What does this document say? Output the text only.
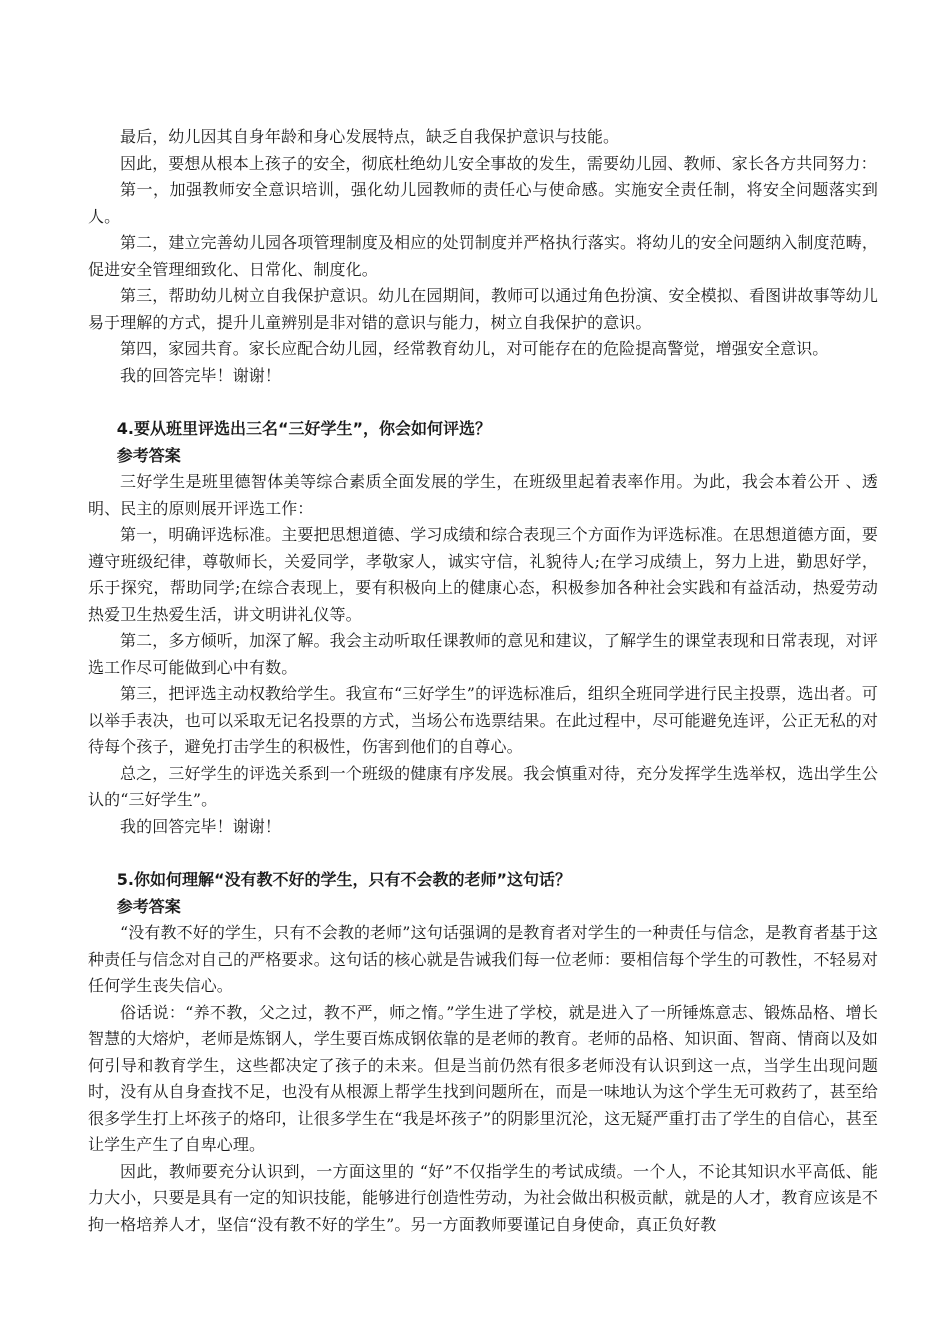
最后，幼儿因其自身年龄和身心发展特点，缺乏自我保护意识与技能。

因此，要想从根本上孩子的安全，彻底杜绝幼儿安全事故的发生，需要幼儿园、教师、家长各方共同努力：

第一，加强教师安全意识培训，强化幼儿园教师的责任心与使命感。实施安全责任制，将安全问题落实到人。

第二，建立完善幼儿园各项管理制度及相应的处罚制度并严格执行落实。将幼儿的安全问题纳入制度范畴，促进安全管理细致化、日常化、制度化。

第三，帮助幼儿树立自我保护意识。幼儿在园期间，教师可以通过角色扮演、安全模拟、看图讲故事等幼儿易于理解的方式，提升儿童辨别是非对错的意识与能力，树立自我保护的意识。

第四，家园共育。家长应配合幼儿园，经常教育幼儿，对可能存在的危险提高警觉，增强安全意识。

我的回答完毕！谢谢！

4.要从班里评选出三名“三好学生”，你会如何评选？

参考答案

三好学生是班里德智体美等综合素质全面发展的学生，在班级里起着表率作用。为此，我会本着公开 、透明、民主的原则展开评选工作：

第一，明确评选标准。主要把思想道德、学习成绩和综合表现三个方面作为评选标准。在思想道德方面，要遵守班级纪律，尊敬师长，关爱同学，孝敬家人，诚实守信，礼貌待人;在学习成绩上，努力上进，勤思好学，乐于探究，帮助同学;在综合表现上，要有积极向上的健康心态，积极参加各种社会实践和有益活动，热爱劳动热爱卫生热爱生活，讲文明讲礼仪等。

第二，多方倾听，加深了解。我会主动听取任课教师的意见和建议，了解学生的课堂表现和日常表现，对评选工作尽可能做到心中有数。

第三，把评选主动权教给学生。我宣布“三好学生”的评选标准后，组织全班同学进行民主投票，选出者。可以举手表决，也可以采取无记名投票的方式，当场公布选票结果。在此过程中，尽可能避免连评，公正无私的对待每个孩子，避免打击学生的积极性，伤害到他们的自尊心。

总之，三好学生的评选关系到一个班级的健康有序发展。我会慎重对待，充分发挥学生选举权，选出学生公认的“三好学生”。

我的回答完毕！谢谢！

5.你如何理解“没有教不好的学生，只有不会教的老师”这句话？

参考答案

“没有教不好的学生，只有不会教的老师”这句话强调的是教育者对学生的一种责任与信念，是教育者基于这种责任与信念对自己的严格要求。这句话的核心就是告诫我们每一位老师：要相信每个学生的可教性，不轻易对任何学生丧失信心。

俗话说：“养不教，父之过，教不严，师之惰。”学生进了学校，就是进入了一所锤炼意志、锻炼品格、增长智慧的大熔炉，老师是炼钢人，学生要百炼成钢依靠的是老师的教育。老师的品格、知识面、智商、情商以及如何引导和教育学生，这些都决定了孩子的未来。但是当前仍然有很多老师没有认识到这一点，当学生出现问题时，没有从自身查找不足，也没有从根源上帮学生找到问题所在，而是一味地认为这个学生无可救药了，甚至给很多学生打上坏孩子的烙印，让很多学生在“我是坏孩子”的阴影里沉沦，这无疑严重打击了学生的自信心，甚至让学生产生了自卑心理。

因此，教师要充分认识到，一方面这里的 “好”不仅指学生的考试成绩。一个人，不论其知识水平高低、能力大小，只要是具有一定的知识技能，能够进行创造性劳动，为社会做出积极贡献，就是的人才，教育应该是不拘一格培养人才，坚信“没有教不好的学生”。另一方面教师要谨记自身使命，真正负好教
